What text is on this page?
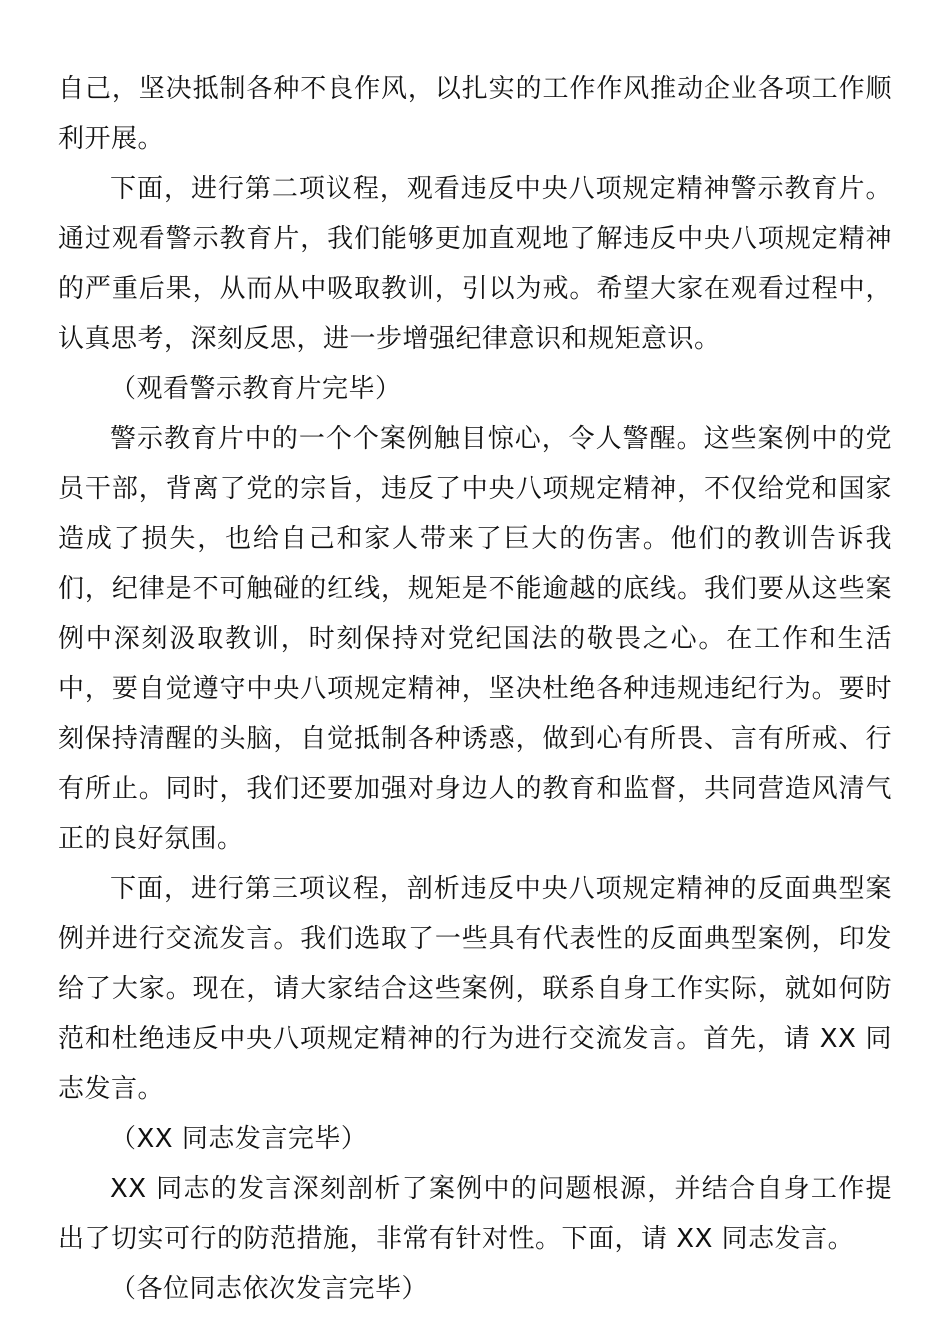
自己，坚决抵制各种不良作风，以扎实的工作作风推动企业各项工作顺利开展。

下面，进行第二项议程，观看违反中央八项规定精神警示教育片。通过观看警示教育片，我们能够更加直观地了解违反中央八项规定精神的严重后果，从而从中吸取教训，引以为戒。希望大家在观看过程中，认真思考，深刻反思，进一步增强纪律意识和规矩意识。

（观看警示教育片完毕）

警示教育片中的一个个案例触目惊心，令人警醒。这些案例中的党员干部，背离了党的宗旨，违反了中央八项规定精神，不仅给党和国家造成了损失，也给自己和家人带来了巨大的伤害。他们的教训告诉我们，纪律是不可触碰的红线，规矩是不能逾越的底线。我们要从这些案例中深刻汲取教训，时刻保持对党纪国法的敬畏之心。在工作和生活中，要自觉遵守中央八项规定精神，坚决杜绝各种违规违纪行为。要时刻保持清醒的头脑，自觉抵制各种诱惑，做到心有所畏、言有所戒、行有所止。同时，我们还要加强对身边人的教育和监督，共同营造风清气正的良好氛围。

下面，进行第三项议程，剖析违反中央八项规定精神的反面典型案例并进行交流发言。我们选取了一些具有代表性的反面典型案例，印发给了大家。现在，请大家结合这些案例，联系自身工作实际，就如何防范和杜绝违反中央八项规定精神的行为进行交流发言。首先，请 XX 同志发言。

（XX 同志发言完毕）

XX 同志的发言深刻剖析了案例中的问题根源，并结合自身工作提出了切实可行的防范措施，非常有针对性。下面，请 XX 同志发言。

（各位同志依次发言完毕）
